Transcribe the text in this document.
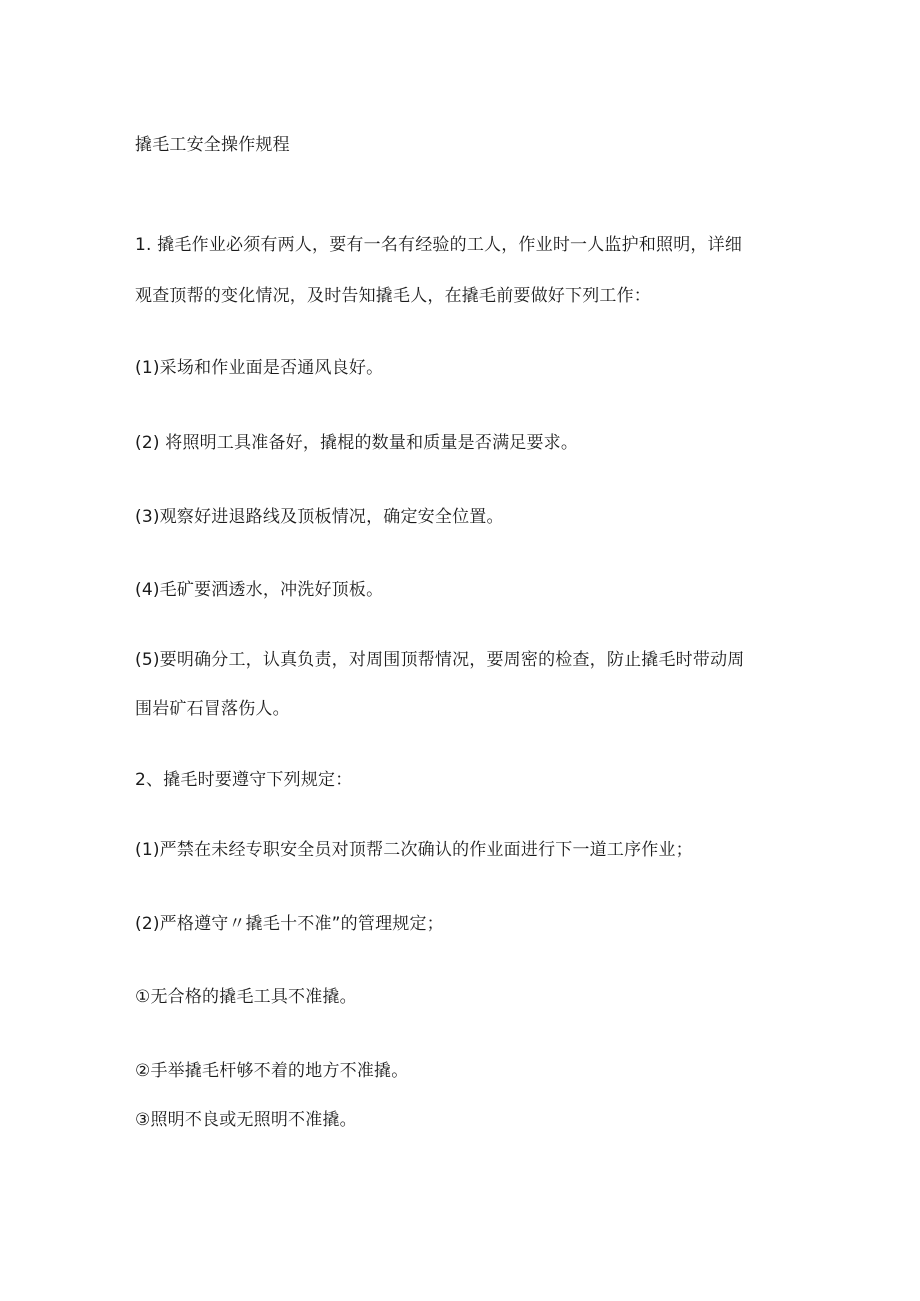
撬毛工安全操作规程
1. 撬毛作业必须有两人，要有一名有经验的工人，作业时一人监护和照明，详细
观查顶帮的变化情况，及时告知撬毛人，在撬毛前要做好下列工作：
(1)采场和作业面是否通风良好。
(2) 将照明工具准备好，撬棍的数量和质量是否满足要求。
(3)观察好进退路线及顶板情况，确定安全位置。
(4)毛矿要洒透水，冲洗好顶板。
(5)要明确分工，认真负责，对周围顶帮情况，要周密的检查，防止撬毛时带动周
围岩矿石冒落伤人。
2、撬毛时要遵守下列规定：
(1)严禁在未经专职安全员对顶帮二次确认的作业面进行下一道工序作业；
(2)严格遵守〃撬毛十不准”的管理规定；
①无合格的撬毛工具不准撬。
②手举撬毛杆够不着的地方不准撬。
③照明不良或无照明不准撬。
